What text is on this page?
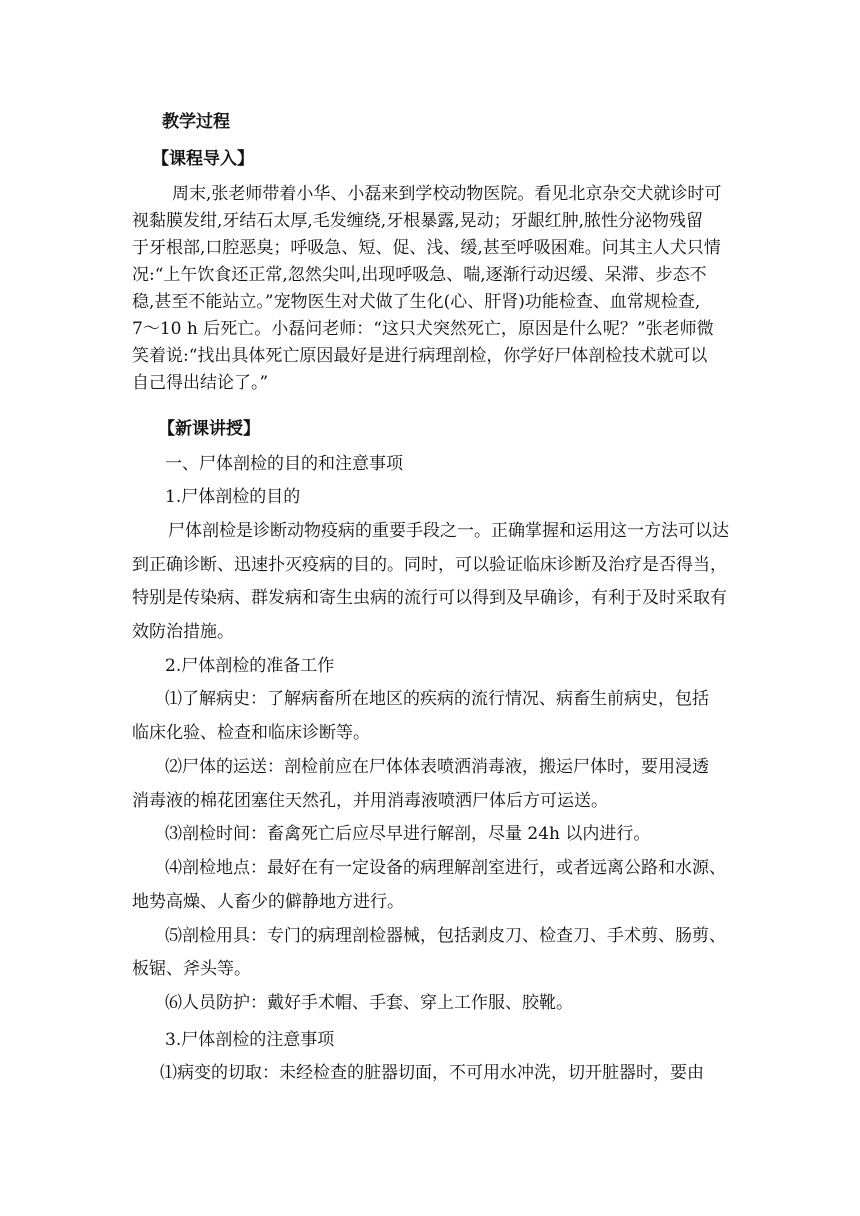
教学过程
【课程导入】
周末,张老师带着小华、小磊来到学校动物医院。看见北京杂交犬就诊时可
视黏膜发绀,牙结石太厚,毛发缠绕,牙根暴露,晃动；牙龈红肿,脓性分泌物残留
于牙根部,口腔恶臭；呼吸急、短、促、浅、缓,甚至呼吸困难。问其主人犬只情
况:“上午饮食还正常,忽然尖叫,出现呼吸急、喘,逐渐行动迟缓、呆滞、步态不
稳,甚至不能站立。”宠物医生对犬做了生化(心、肝肾)功能检查、血常规检查,
7～10 h 后死亡。小磊问老师：“这只犬突然死亡，原因是什么呢？”张老师微
笑着说:“找出具体死亡原因最好是进行病理剖检，你学好尸体剖检技术就可以
自己得出结论了。”
【新课讲授】
一、尸体剖检的目的和注意事项
1.尸体剖检的目的
尸体剖检是诊断动物疫病的重要手段之一。正确掌握和运用这一方法可以达
到正确诊断、迅速扑灭疫病的目的。同时，可以验证临床诊断及治疗是否得当，
特别是传染病、群发病和寄生虫病的流行可以得到及早确诊，有利于及时采取有
效防治措施。
2.尸体剖检的准备工作
⑴了解病史：了解病畜所在地区的疾病的流行情况、病畜生前病史，包括
临床化验、检查和临床诊断等。
⑵尸体的运送：剖检前应在尸体体表喷洒消毒液，搬运尸体时，要用浸透
消毒液的棉花团塞住天然孔，并用消毒液喷洒尸体后方可运送。
⑶剖检时间：畜禽死亡后应尽早进行解剖，尽量 24h 以内进行。
⑷剖检地点：最好在有一定设备的病理解剖室进行，或者远离公路和水源、
地势高燥、人畜少的僻静地方进行。
⑸剖检用具：专门的病理剖检器械，包括剥皮刀、检查刀、手术剪、肠剪、
板锯、斧头等。
⑹人员防护：戴好手术帽、手套、穿上工作服、胶靴。
3.尸体剖检的注意事项
⑴病变的切取：未经检查的脏器切面，不可用水冲洗，切开脏器时，要由
